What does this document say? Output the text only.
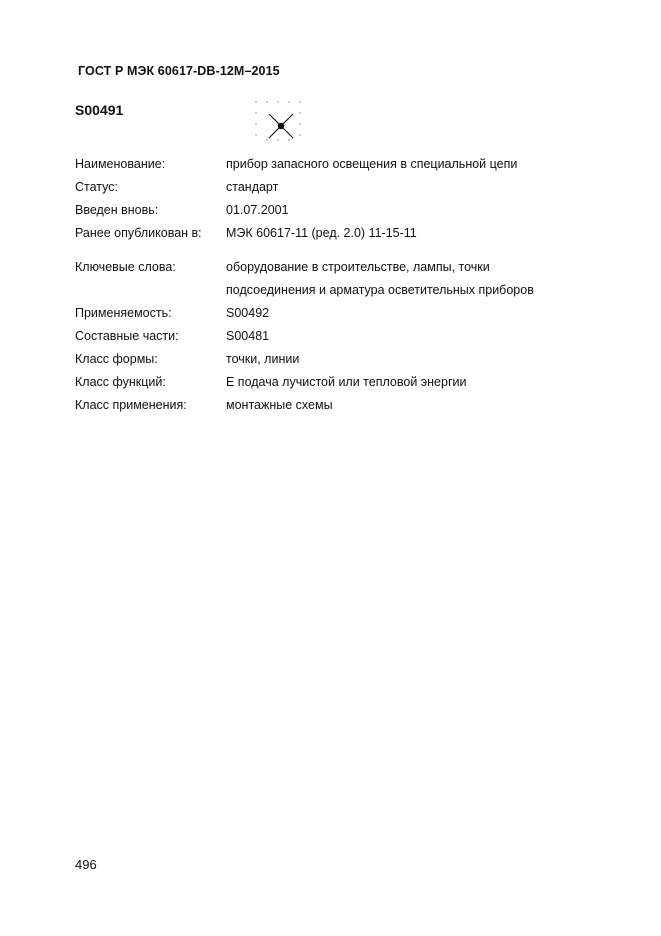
ГОСТ Р МЭК 60617-DB-12M–2015
S00491
Наименование:	прибор запасного освещения в специальной цепи
Статус:	стандарт
Введен вновь:	01.07.2001
Ранее опубликован в: МЭК 60617-11 (ред. 2.0) 11-15-11
Ключевые слова:	оборудование в строительстве, лампы, точки
подсоединения и арматура осветительных приборов
Применяемость:	S00492
Составные части:	S00481
Класс формы:	точки, линии
Класс функций:	E подача лучистой или тепловой энергии
Класс применения:	монтажные схемы
496
